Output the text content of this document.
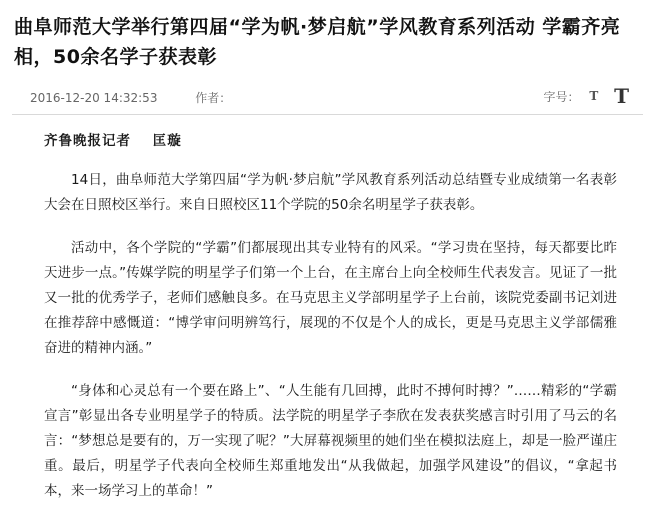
曲阜师范大学举行第四届“学为帆·梦启航”学风教育系列活动 学霸齐亮相，50余名学子获表彰
2016-12-20 14:32:53	作者：	字号： T T
齐鲁晚报记者 匡璇

14日，曲阜师范大学第四届“学为帆·梦启航”学风教育系列活动总结暨专业成绩第一名表彰大会在日照校区举行。来自日照校区11个学院的50余名明星学子获表彰。

活动中，各个学院的“学霸”们都展现出其专业特有的风采。“学习贵在坚持，每天都要比昨天进步一点。”传媒学院的明星学子们第一个上台，在主席台上向全校师生代表发言。见证了一批又一批的优秀学子，老师们感触良多。在马克思主义学部明星学子上台前，该院党委副书记刘进在推荐辞中感慨道：“博学审问明辨笃行，展现的不仅是个人的成长，更是马克思主义学部儒雅奋进的精神内涵。”

“身体和心灵总有一个要在路上”、“人生能有几回搏，此时不搏何时搏？”……精彩的“学霸宣言”彰显出各专业明星学子的特质。法学院的明星学子李欣在发表获奖感言时引用了马云的名言：“梦想总是要有的，万一实现了呢？”大屏幕视频里的她们坐在模拟法庭上，却是一脸严谨庄重。最后，明星学子代表向全校师生郑重地发出“从我做起，加强学风建设”的倡议，“拿起书本，来一场学习上的革命！”
